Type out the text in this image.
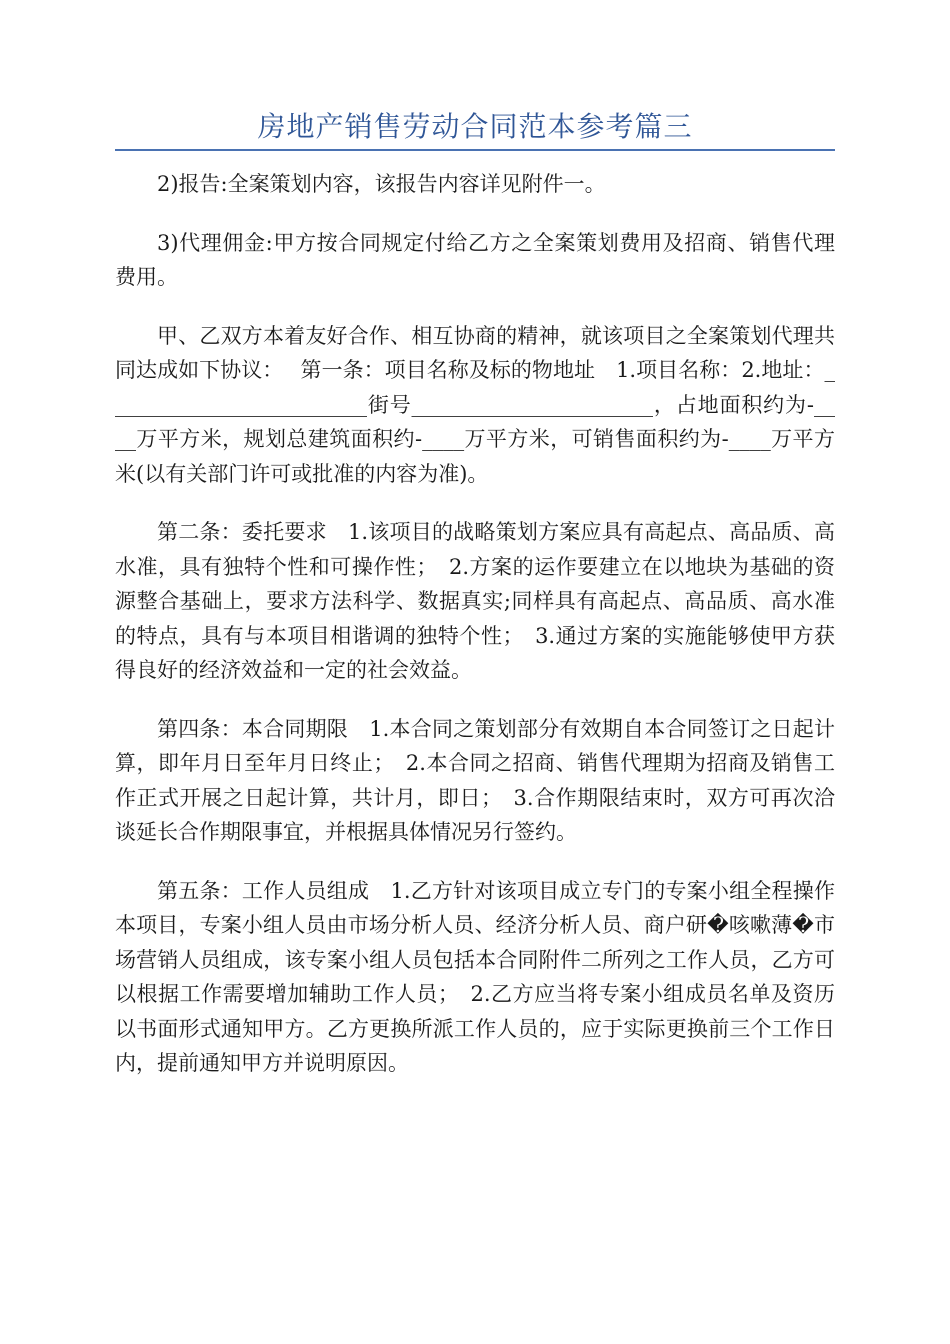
房地产销售劳动合同范本参考篇三

2)报告:全案策划内容，该报告内容详见附件一。

3)代理佣金:甲方按合同规定付给乙方之全案策划费用及招商、销售代理费用。

甲、乙双方本着友好合作、相互协商的精神，就该项目之全案策划代理共同达成如下协议：　 第一条：项目名称及标的物地址　1.项目名称：2.地址：_________________________街号_______________________，占地面积约为-____万平方米，规划总建筑面积约-____万平方米，可销售面积约为-____万平方米(以有关部门许可或批准的内容为准)。

第二条：委托要求　1.该项目的战略策划方案应具有高起点、高品质、高水准，具有独特个性和可操作性；　2.方案的运作要建立在以地块为基础的资源整合基础上，要求方法科学、数据真实;同样具有高起点、高品质、高水准的特点，具有与本项目相谐调的独特个性；　3.通过方案的实施能够使甲方获得良好的经济效益和一定的社会效益。

第四条：本合同期限　1.本合同之策划部分有效期自本合同签订之日起计算，即年月日至年月日终止；　2.本合同之招商、销售代理期为招商及销售工作正式开展之日起计算，共计月，即日；　3.合作期限结束时，双方可再次洽谈延长合作期限事宜，并根据具体情况另行签约。

第五条：工作人员组成　1.乙方针对该项目成立专门的专案小组全程操作本项目，专案小组人员由市场分析人员、经济分析人员、商户研�咳嗽薄�市场营销人员组成，该专案小组人员包括本合同附件二所列之工作人员，乙方可以根据工作需要增加辅助工作人员；　2.乙方应当将专案小组成员名单及资历以书面形式通知甲方。乙方更换所派工作人员的，应于实际更换前三个工作日内，提前通知甲方并说明原因。
